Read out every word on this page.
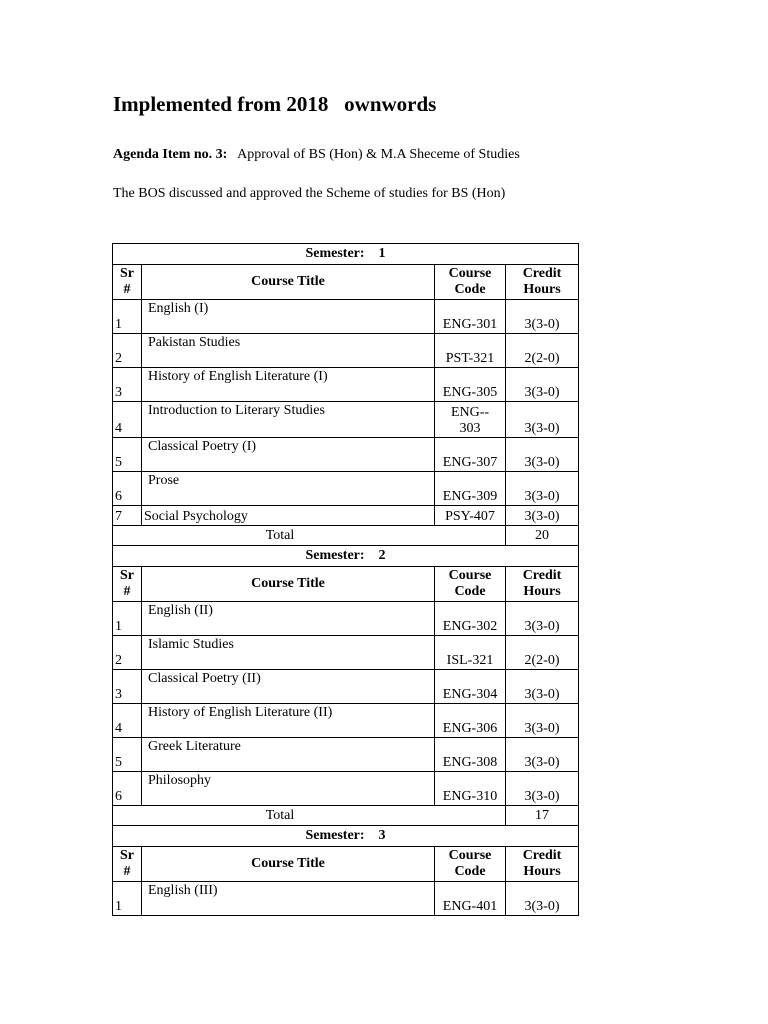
Implemented from 2018   ownwords
Agenda Item no. 3: Approval of BS (Hon) & M.A Sheceme of Studies
The BOS discussed and approved the Scheme of studies for BS (Hon)
Semester:    1			
Sr #	Course Title	Course Code	Credit Hours
1	English (I)	ENG-301	3(3-0)
2	Pakistan Studies	PST-321	2(2-0)
3	History of English Literature (I)	ENG-305	3(3-0)
4	Introduction to Literary Studies	ENG-- 303	3(3-0)
5	Classical Poetry (I)	ENG-307	3(3-0)
6	Prose	ENG-309	3(3-0)
7	Social Psychology	PSY-407	3(3-0)
Total			20
Semester:    2			
Sr #	Course Title	Course Code	Credit Hours
1	English (II)	ENG-302	3(3-0)
2	Islamic Studies	ISL-321	2(2-0)
3	Classical Poetry (II)	ENG-304	3(3-0)
4	History of English Literature (II)	ENG-306	3(3-0)
5	Greek Literature	ENG-308	3(3-0)
6	Philosophy	ENG-310	3(3-0)
Total			17
Semester:    3			
Sr #	Course Title	Course Code	Credit Hours
1	English (III)	ENG-401	3(3-0)
